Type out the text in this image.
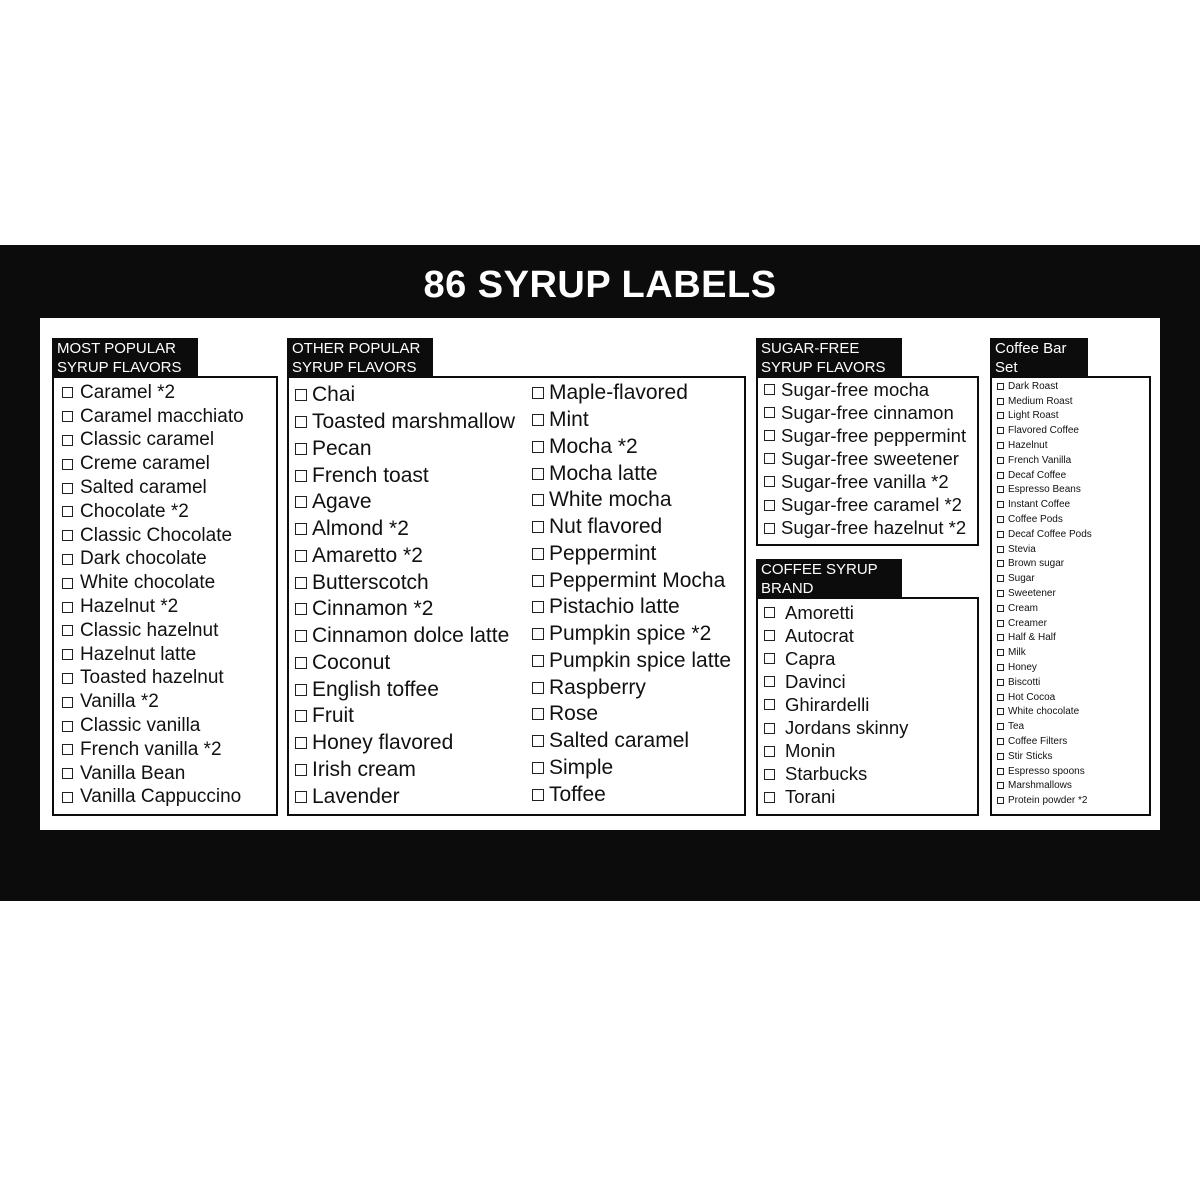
86 SYRUP LABELS
MOST POPULAR
SYRUP FLAVORS
Caramel *2
Caramel macchiato
Classic caramel
Creme caramel
Salted caramel
Chocolate *2
Classic Chocolate
Dark chocolate
White chocolate
Hazelnut *2
Classic hazelnut
Hazelnut latte
Toasted hazelnut
Vanilla *2
Classic vanilla
French vanilla *2
Vanilla Bean
Vanilla Cappuccino
OTHER POPULAR
SYRUP FLAVORS
Chai
Toasted marshmallow
Pecan
French toast
Agave
Almond *2
Amaretto *2
Butterscotch
Cinnamon *2
Cinnamon dolce latte
Coconut
English toffee
Fruit
Honey flavored
Irish cream
Lavender
Maple-flavored
Mint
Mocha *2
Mocha latte
White mocha
Nut flavored
Peppermint
Peppermint Mocha
Pistachio latte
Pumpkin spice *2
Pumpkin spice latte
Raspberry
Rose
Salted caramel
Simple
Toffee
SUGAR-FREE
SYRUP FLAVORS
Sugar-free mocha
Sugar-free cinnamon
Sugar-free peppermint
Sugar-free sweetener
Sugar-free vanilla *2
Sugar-free caramel *2
Sugar-free hazelnut *2
COFFEE SYRUP
BRAND
Amoretti
Autocrat
Capra
Davinci
Ghirardelli
Jordans skinny
Monin
Starbucks
Torani
Coffee Bar
Set
Dark Roast
Medium Roast
Light Roast
Flavored Coffee
Hazelnut
French Vanilla
Decaf Coffee
Espresso Beans
Instant Coffee
Coffee Pods
Decaf Coffee Pods
Stevia
Brown sugar
Sugar
Sweetener
Cream
Creamer
Half & Half
Milk
Honey
Biscotti
Hot Cocoa
White chocolate
Tea
Coffee Filters
Stir Sticks
Espresso spoons
Marshmallows
Protein powder *2
